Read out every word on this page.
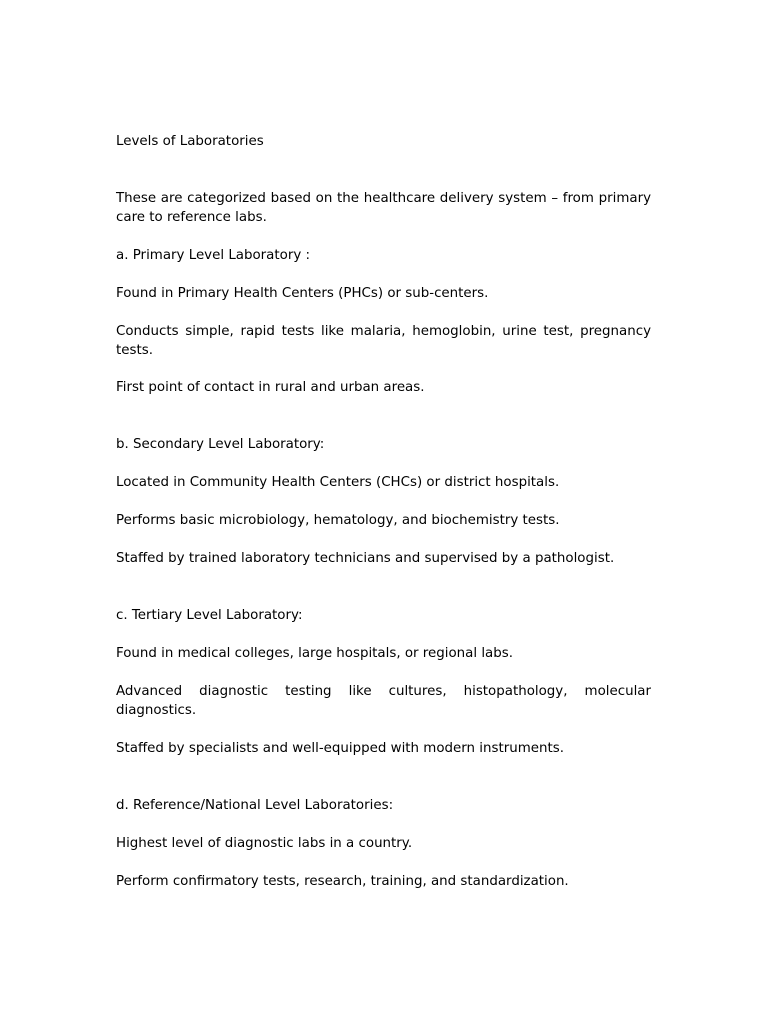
Levels of Laboratories

These are categorized based on the healthcare delivery system – from primary care to reference labs.

a. Primary Level Laboratory :

Found in Primary Health Centers (PHCs) or sub-centers.

Conducts simple, rapid tests like malaria, hemoglobin, urine test, pregnancy tests.

First point of contact in rural and urban areas.

b. Secondary Level Laboratory:

Located in Community Health Centers (CHCs) or district hospitals.

Performs basic microbiology, hematology, and biochemistry tests.

Staffed by trained laboratory technicians and supervised by a pathologist.

c. Tertiary Level Laboratory:

Found in medical colleges, large hospitals, or regional labs.

Advanced diagnostic testing like cultures, histopathology, molecular diagnostics.

Staffed by specialists and well-equipped with modern instruments.

d. Reference/National Level Laboratories:

Highest level of diagnostic labs in a country.

Perform confirmatory tests, research, training, and standardization.
